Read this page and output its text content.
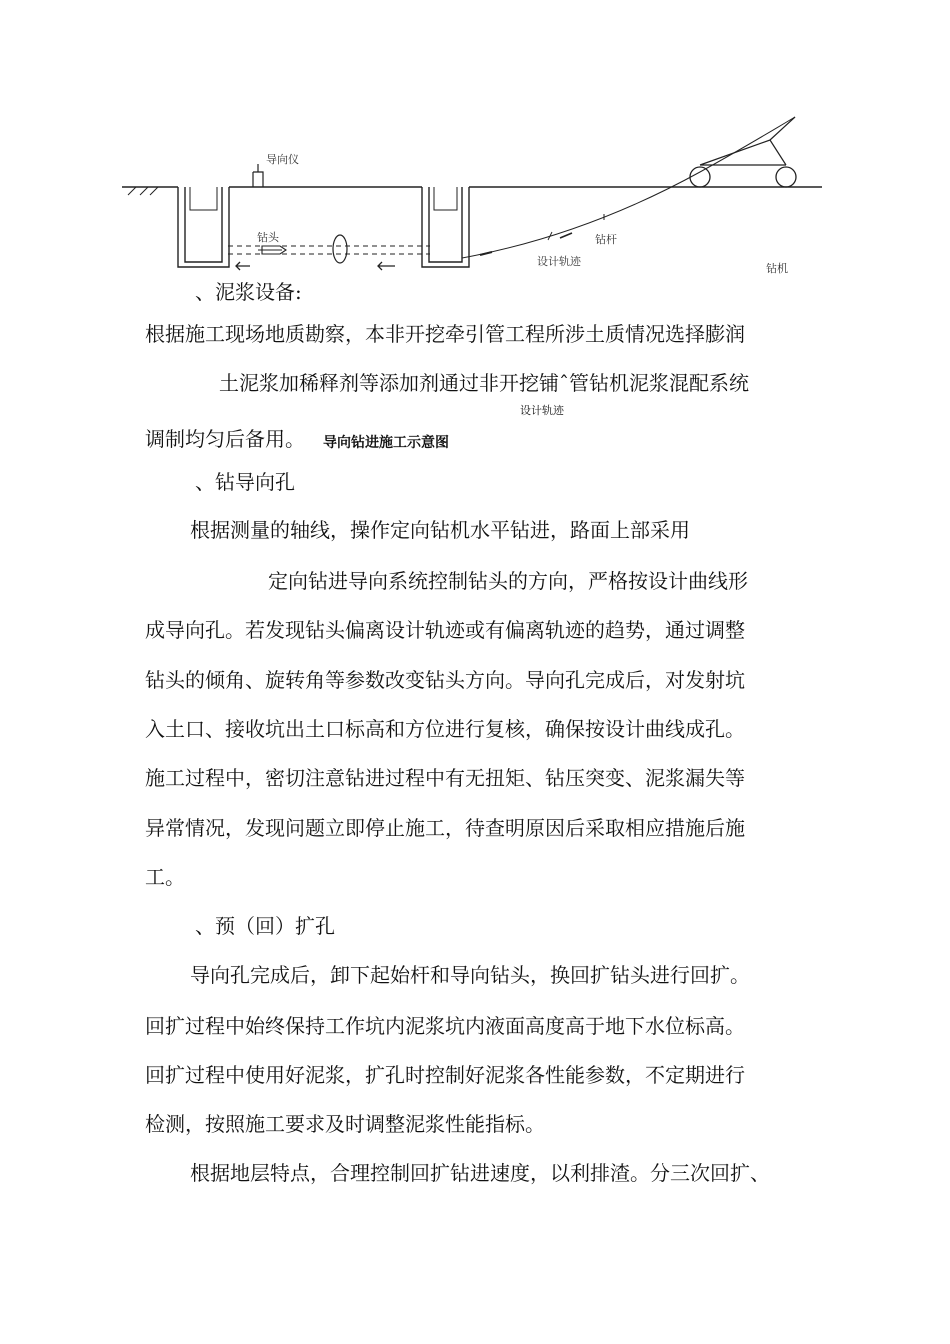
导向仪
钻头	钻杆
设计轨迹
钻机
、泥浆设备:
根据施工现场地质勘察，本非开挖牵引管工程所涉土质情况选择膨润
土泥浆加稀释剂等添加剂通过非开挖铺ˆ管钻机泥浆混配系统
设计轨迹
调制均匀后备用。 导向钻进施工示意图
、钻导向孔
根据测量的轴线，操作定向钻机水平钻进，路面上部采用
定向钻进导向系统控制钻头的方向，严格按设计曲线形
成导向孔。若发现钻头偏离设计轨迹或有偏离轨迹的趋势，通过调整
钻头的倾角、旋转角等参数改变钻头方向。导向孔完成后，对发射坑
入土口、接收坑出土口标高和方位进行复核，确保按设计曲线成孔。
施工过程中，密切注意钻进过程中有无扭矩、钻压突变、泥浆漏失等
异常情况，发现问题立即停止施工，待查明原因后采取相应措施后施
工。
、预（回）扩孔
导向孔完成后，卸下起始杆和导向钻头，换回扩钻头进行回扩。
回扩过程中始终保持工作坑内泥浆坑内液面高度高于地下水位标高。
回扩过程中使用好泥浆，扩孔时控制好泥浆各性能参数，不定期进行
检测，按照施工要求及时调整泥浆性能指标。
根据地层特点，合理控制回扩钻进速度，以利排渣。分三次回扩、
